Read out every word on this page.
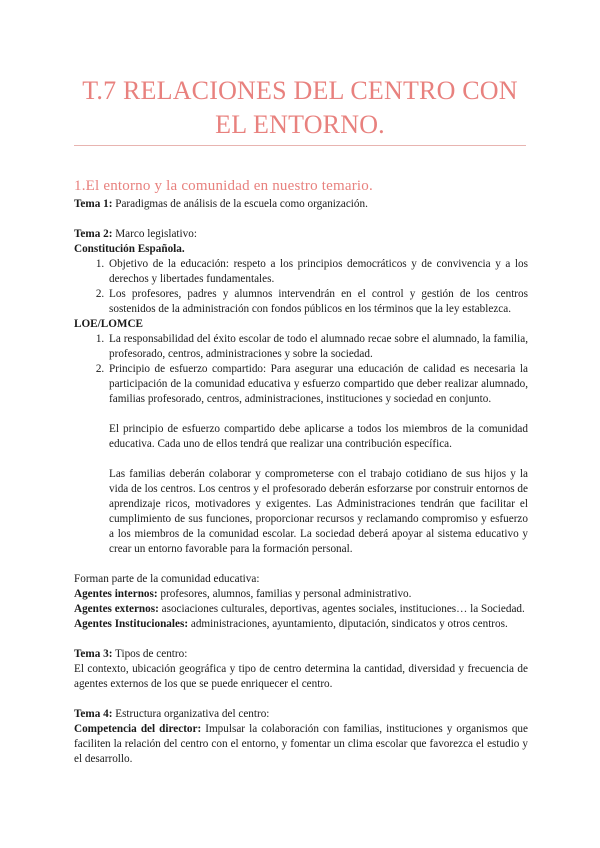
T.7 RELACIONES DEL CENTRO CON
EL ENTORNO.
1.El entorno y la comunidad en nuestro temario.

Tema 1: Paradigmas de análisis de la escuela como organización.

Tema 2: Marco legislativo:

Constitución Española.

1. Objetivo de la educación: respeto a los principios democráticos y de convivencia y a los derechos y libertades fundamentales.
2. Los profesores, padres y alumnos intervendrán en el control y gestión de los centros sostenidos de la administración con fondos públicos en los términos que la ley establezca.

LOE/LOMCE

1. La responsabilidad del éxito escolar de todo el alumnado recae sobre el alumnado, la familia, profesorado, centros, administraciones y sobre la sociedad.

2. Principio de esfuerzo compartido: Para asegurar una educación de calidad es necesaria la participación de la comunidad educativa y esfuerzo compartido que deber realizar alumnado, familias profesorado, centros, administraciones, instituciones y sociedad en conjunto.

El principio de esfuerzo compartido debe aplicarse a todos los miembros de la comunidad educativa. Cada uno de ellos tendrá que realizar una contribución específica.

Las familias deberán colaborar y comprometerse con el trabajo cotidiano de sus hijos y la vida de los centros. Los centros y el profesorado deberán esforzarse por construir entornos de aprendizaje ricos, motivadores y exigentes. Las Administraciones tendrán que facilitar el cumplimiento de sus funciones, proporcionar recursos y reclamando compromiso y esfuerzo a los miembros de la comunidad escolar. La sociedad deberá apoyar al sistema educativo y crear un entorno favorable para la formación personal.

Forman parte de la comunidad educativa:

Agentes internos: profesores, alumnos, familias y personal administrativo.

Agentes externos: asociaciones culturales, deportivas, agentes sociales, instituciones… la Sociedad.

Agentes Institucionales: administraciones, ayuntamiento, diputación, sindicatos y otros centros.

Tema 3: Tipos de centro:

El contexto, ubicación geográfica y tipo de centro determina la cantidad, diversidad y frecuencia de agentes externos de los que se puede enriquecer el centro.

Tema 4: Estructura organizativa del centro:

Competencia del director: Impulsar la colaboración con familias, instituciones y organismos que faciliten la relación del centro con el entorno, y fomentar un clima escolar que favorezca el estudio y el desarrollo.
